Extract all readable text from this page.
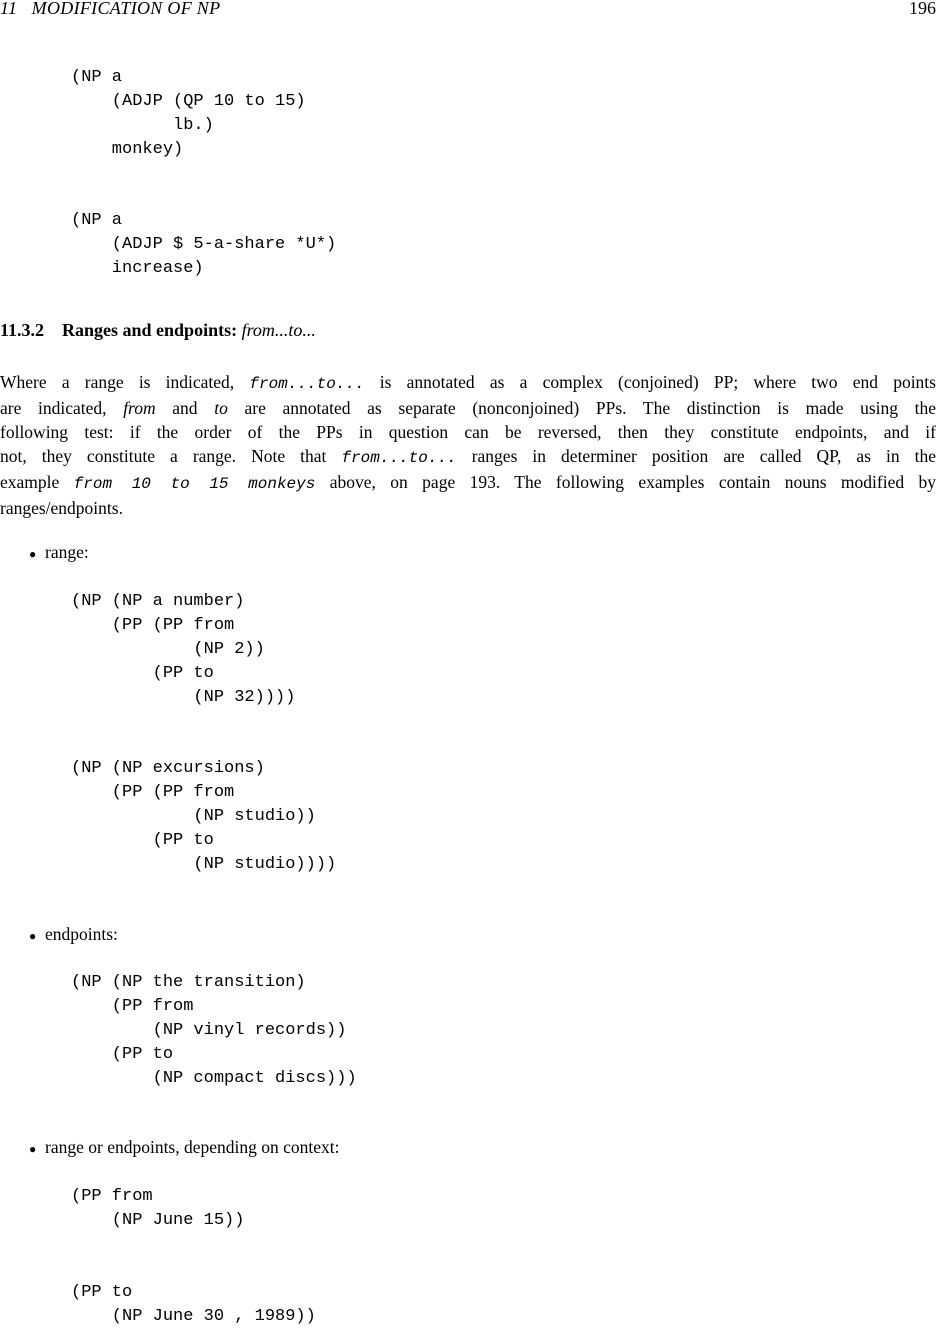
11 MODIFICATION OF NP	196
(NP a
(ADJP (QP 10 to 15)
lb.)
monkey)
(NP a
(ADJP $ 5-a-share *U*)
increase)
11.3.2 Ranges and endpoints: from...to...
Where a range is indicated, from...to... is annotated as a complex (conjoined) PP; where two end points
are indicated, from and to are annotated as separate (nonconjoined) PPs. The distinction is made using the
following test: if the order of the PPs in question can be reversed, then they constitute endpoints, and if
not, they constitute a range. Note that from...to... ranges in determiner position are called QP, as in the
example from 10 to 15 monkeys above, on page 193. The following examples contain nouns modified by
ranges/endpoints.
● range:
(NP (NP a number)
(PP (PP from
(NP 2))
(PP to
(NP 32))))
(NP (NP excursions)
(PP (PP from
(NP studio))
(PP to
(NP studio))))
● endpoints:
(NP (NP the transition)
(PP from
(NP vinyl records))
(PP to
(NP compact discs)))
● range or endpoints, depending on context:
(PP from
(NP June 15))
(PP to
(NP June 30 , 1989))
